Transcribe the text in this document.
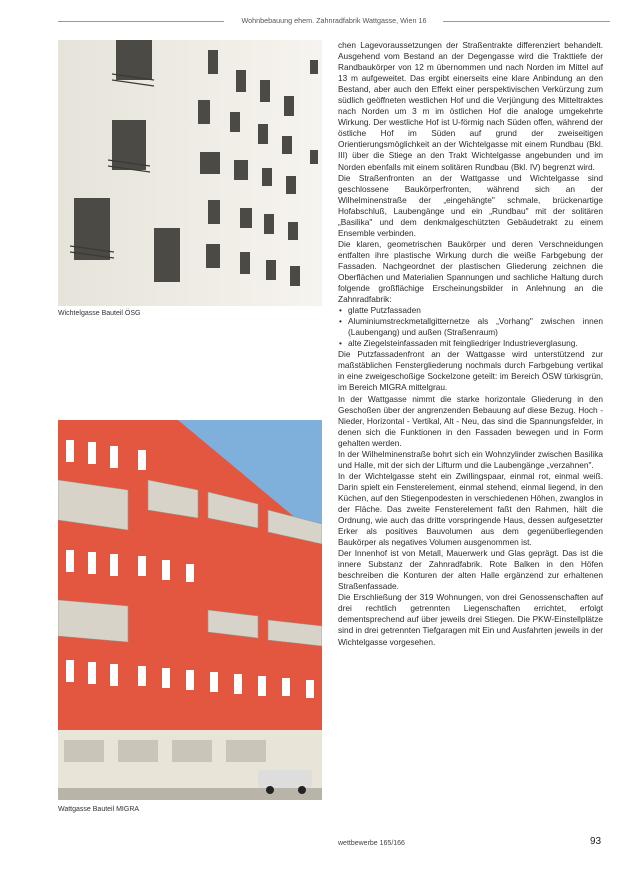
Wohnbebauung ehem. Zahnradfabrik Wattgasse, Wien 16
Wichtelgasse Bauteil ÖSG
Wattgasse Bauteil MIGRA

chen Lagevoraussetzungen der Straßentrakte differenziert behandelt. Ausgehend vom Bestand an der Degengasse wird die Trakttiefe der Randbaukörper von 12 m übernommen und nach Norden im Mittel auf 13 m aufgeweitet. Das ergibt einerseits eine klare Anbindung an den Bestand, aber auch den Effekt einer perspektivischen Verkürzung zum südlich geöffneten westlichen Hof und die Verjüngung des Mitteltraktes nach Norden um 3 m im östlichen Hof die analoge umgekehrte Wirkung. Der westliche Hof ist U-förmig nach Süden offen, während der östliche Hof im Süden auf grund der zweiseitigen Orientierungsmöglichkeit an der Wichtelgasse mit einem Rundbau (Bkl. III) über die Stiege an den Trakt Wichtelgasse angebunden und im Norden ebenfalls mit einem solitären Rundbau (Bkl. IV) begrenzt wird.

Die Straßenfronten an der Wattgasse und Wichtelgasse sind geschlossene Baukörperfronten, während sich an der Wilhelminenstraße der „eingehängte" schmale, brückenartige Hofabschluß, Laubengänge und ein „Rundbau" mit der solitären „Basilika" und dem denkmalgeschützten Gebäudetrakt zu einem Ensemble verbinden.

Die klaren, geometrischen Baukörper und deren Verschneidungen entfalten ihre plastische Wirkung durch die weiße Farbgebung der Fassaden. Nachgeordnet der plastischen Gliederung zeichnen die Oberflächen und Materialien Spannungen und sachliche Haltung durch folgende großflächige Erscheinungsbilder in Anlehnung an die Zahnradfabrik:

• glatte Putzfassaden
• Aluminiumstreckmetallgitternetze als „Vorhang" zwischen innen (Laubengang) und außen (Straßenraum)
• alte Ziegelsteinfassaden mit feingliedriger Industrieverglasung.

Die Putzfassadenfront an der Wattgasse wird unterstützend zur maßstäblichen Fenstergliederung nochmals durch Farbgebung vertikal in eine zweigeschoßige Sockelzone geteilt: im Bereich ÖSW türkisgrün, im Bereich MIGRA mittelgrau.

In der Wattgasse nimmt die starke horizontale Gliederung in den Geschoßen über der angrenzenden Bebauung auf diese Bezug. Hoch - Nieder, Horizontal - Vertikal, Alt - Neu, das sind die Spannungsfelder, in denen sich die Funktionen in den Fassaden bewegen und in Form gehalten werden.

In der Wilhelminenstraße bohrt sich ein Wohnzylinder zwischen Basilika und Halle, mit der sich der Lifturm und die Laubengänge „verzahnen".

In der Wichtelgasse steht ein Zwillingspaar, einmal rot, einmal weiß. Darin spielt ein Fensterelement, einmal stehend, einmal liegend, in den Küchen, auf den Stiegenpodesten in verschiedenen Höhen, zwanglos in der Fläche. Das zweite Fensterelement faßt den Rahmen, hält die Ordnung, wie auch das dritte vorspringende Haus, dessen aufgesetzter Erker als positives Bauvolumen aus dem gegenüberliegenden Baukörper als negatives Volumen ausgenommen ist.

Der Innenhof ist von Metall, Mauerwerk und Glas geprägt. Das ist die innere Substanz der Zahnradfabrik. Rote Balken in den Höfen beschreiben die Konturen der alten Halle ergänzend zur erhaltenen Straßenfassade.

Die Erschließung der 319 Wohnungen, von drei Genossenschaften auf drei rechtlich getrennten Liegenschaften errichtet, erfolgt dementsprechend auf über jeweils drei Stiegen. Die PKW-Einstellplätze sind in drei getrennten Tiefgaragen mit Ein und Ausfahrten jeweils in der Wichtelgasse vorgesehen.

wettbewerbe 165/166	93
